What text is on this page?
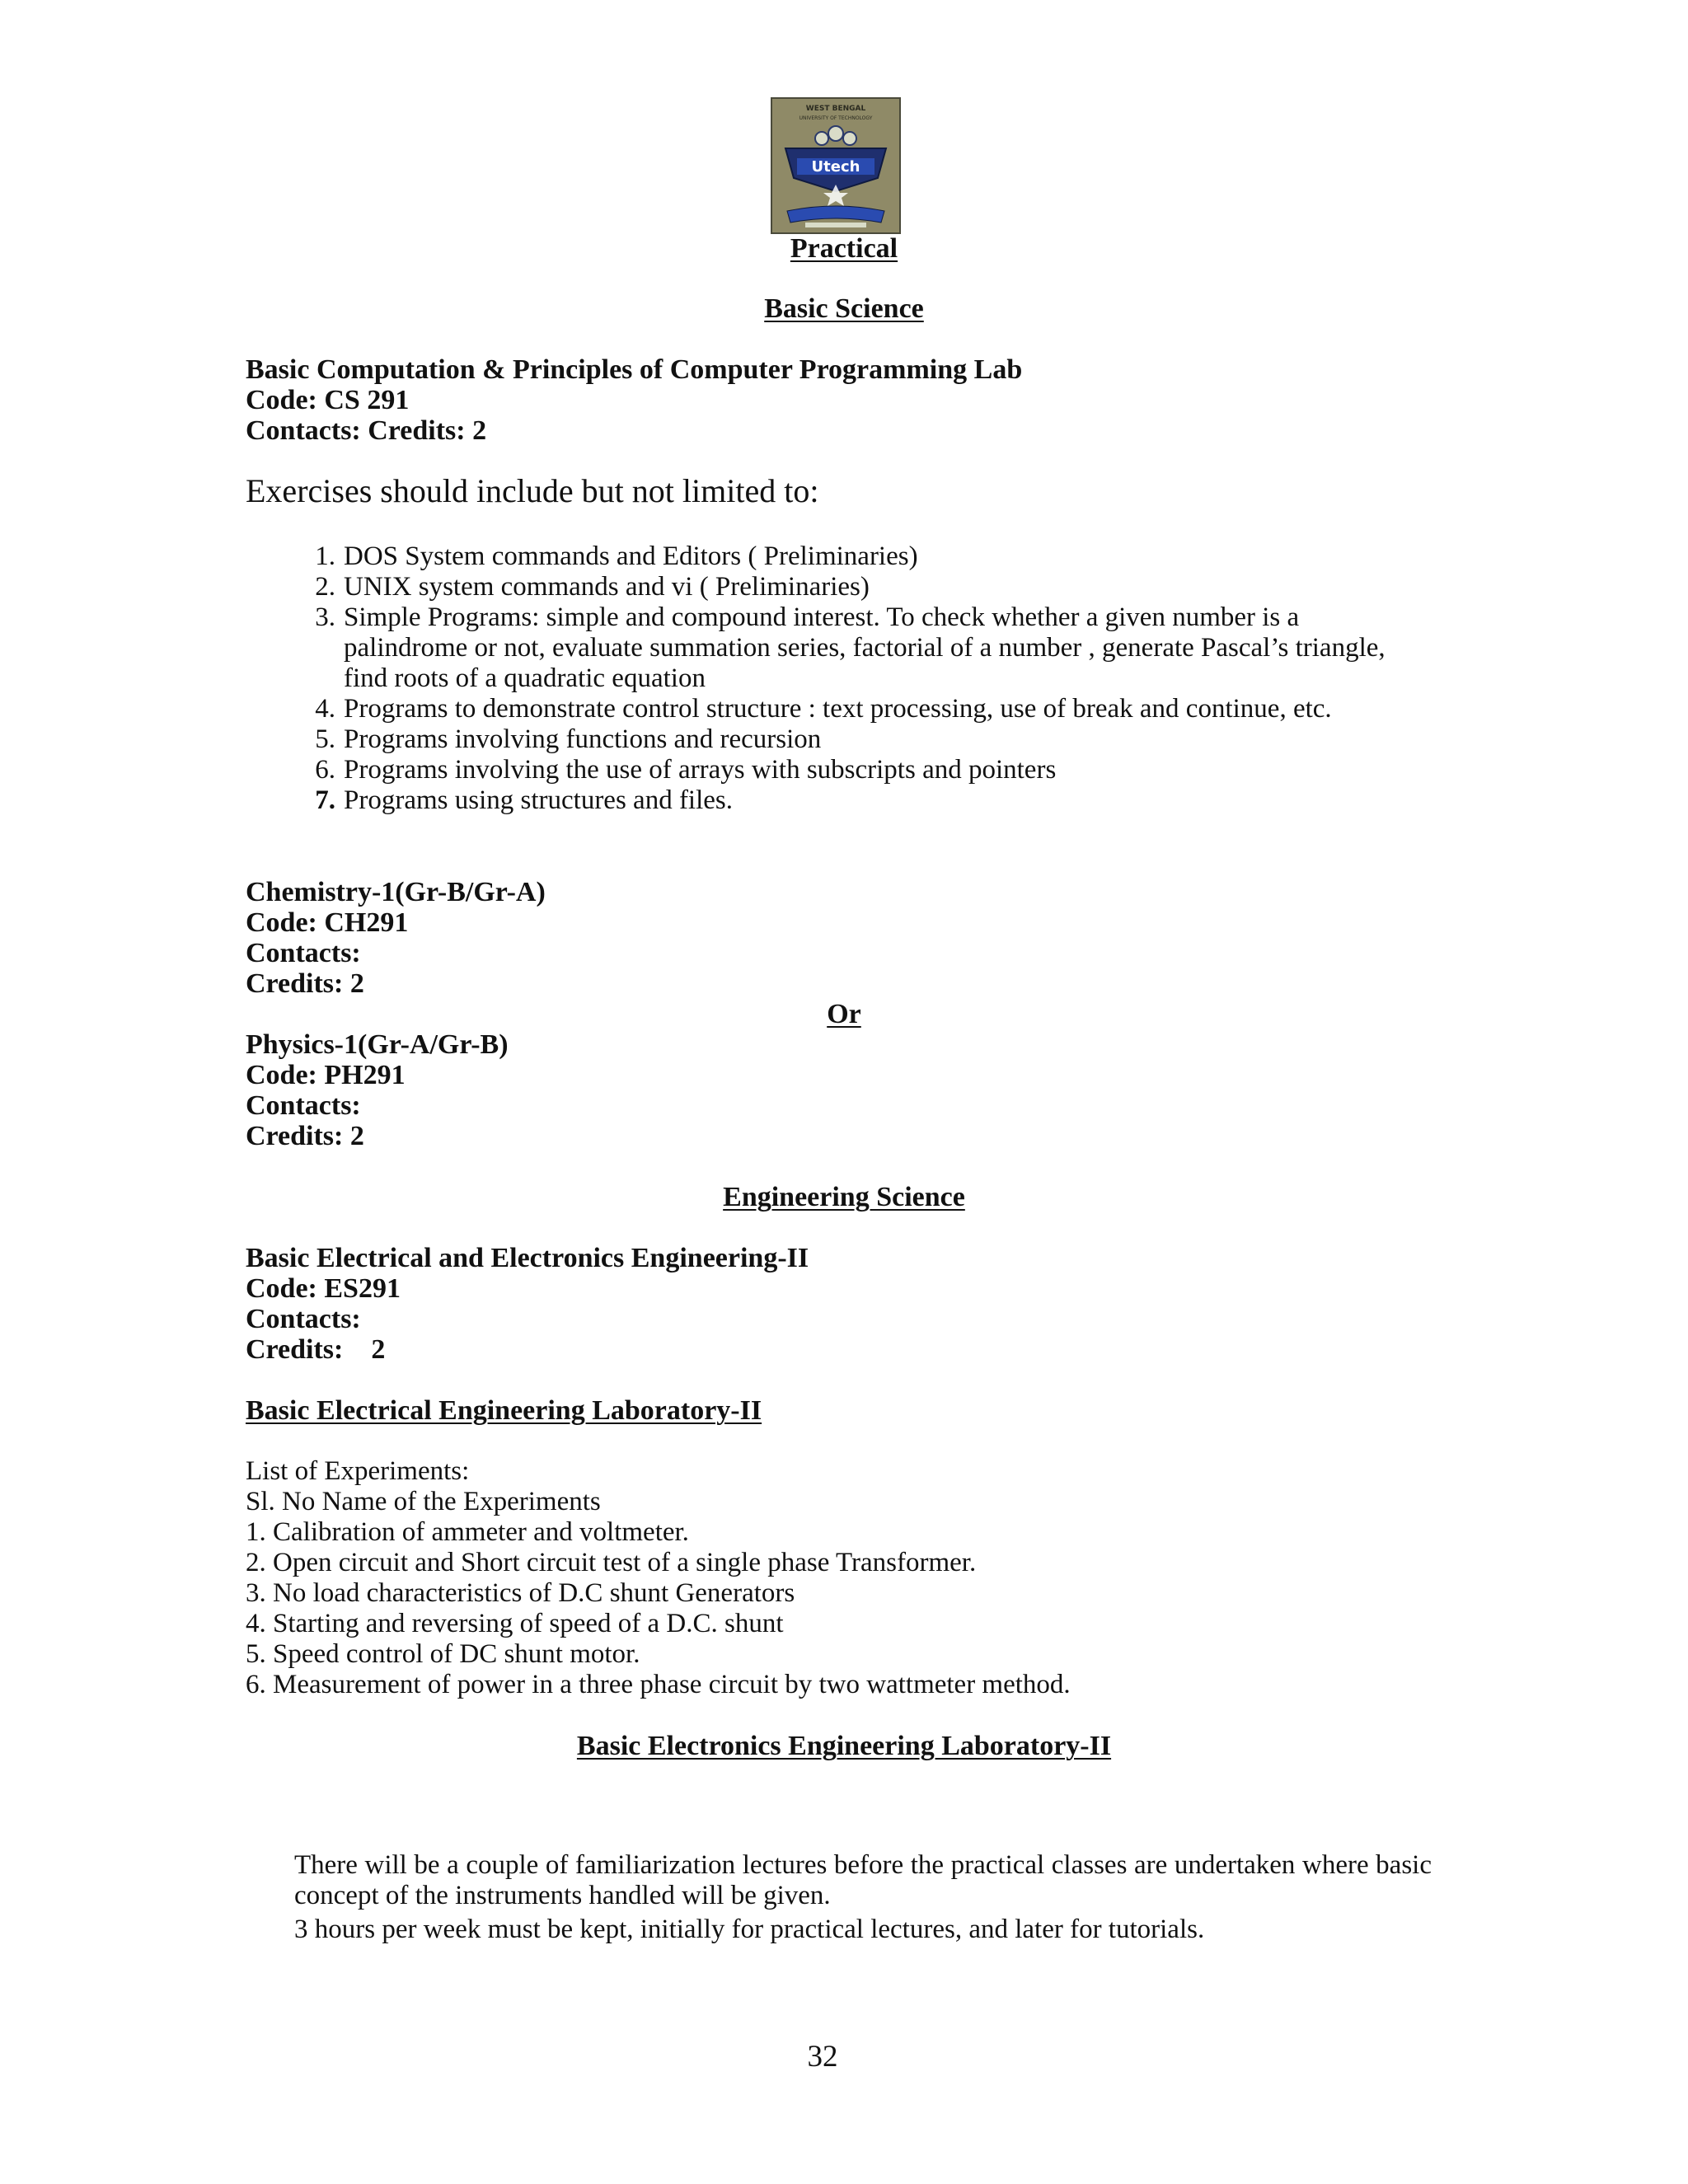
WEST BENGAL
UNIVERSITY OF TECHNOLOGY
Utech

Practical

Basic Science

Basic Computation & Principles of Computer Programming Lab

Code: CS 291

Contacts: Credits: 2

Exercises should include but not limited to:

1. DOS System commands and Editors ( Preliminaries)
2. UNIX system commands and vi ( Preliminaries)
3. Simple Programs: simple and compound interest. To check whether a given number is a
palindrome or not, evaluate summation series, factorial of a number , generate Pascal’s triangle,
find roots of a quadratic equation
4. Programs to demonstrate control structure : text processing, use of break and continue, etc.
5. Programs involving functions and recursion
6. Programs involving the use of arrays with subscripts and pointers
7. Programs using structures and files.

Chemistry-1(Gr-B/Gr-A)

Code: CH291

Contacts:

Credits: 2

Or

Physics-1(Gr-A/Gr-B)

Code: PH291

Contacts:

Credits: 2

Engineering Science

Basic Electrical and Electronics Engineering-II

Code: ES291

Contacts:

Credits:    2

Basic Electrical Engineering Laboratory-II

List of Experiments:
Sl. No Name of the Experiments
1. Calibration of ammeter and voltmeter.
2. Open circuit and Short circuit test of a single phase Transformer.
3. No load characteristics of D.C shunt Generators
4. Starting and reversing of speed of a D.C. shunt
5. Speed control of DC shunt motor.
6. Measurement of power in a three phase circuit by two wattmeter method.

Basic Electronics Engineering Laboratory-II

There will be a couple of familiarization lectures before the practical classes are undertaken where basic concept of the instruments handled will be given.

3 hours per week must be kept, initially for practical lectures, and later for tutorials.

32
